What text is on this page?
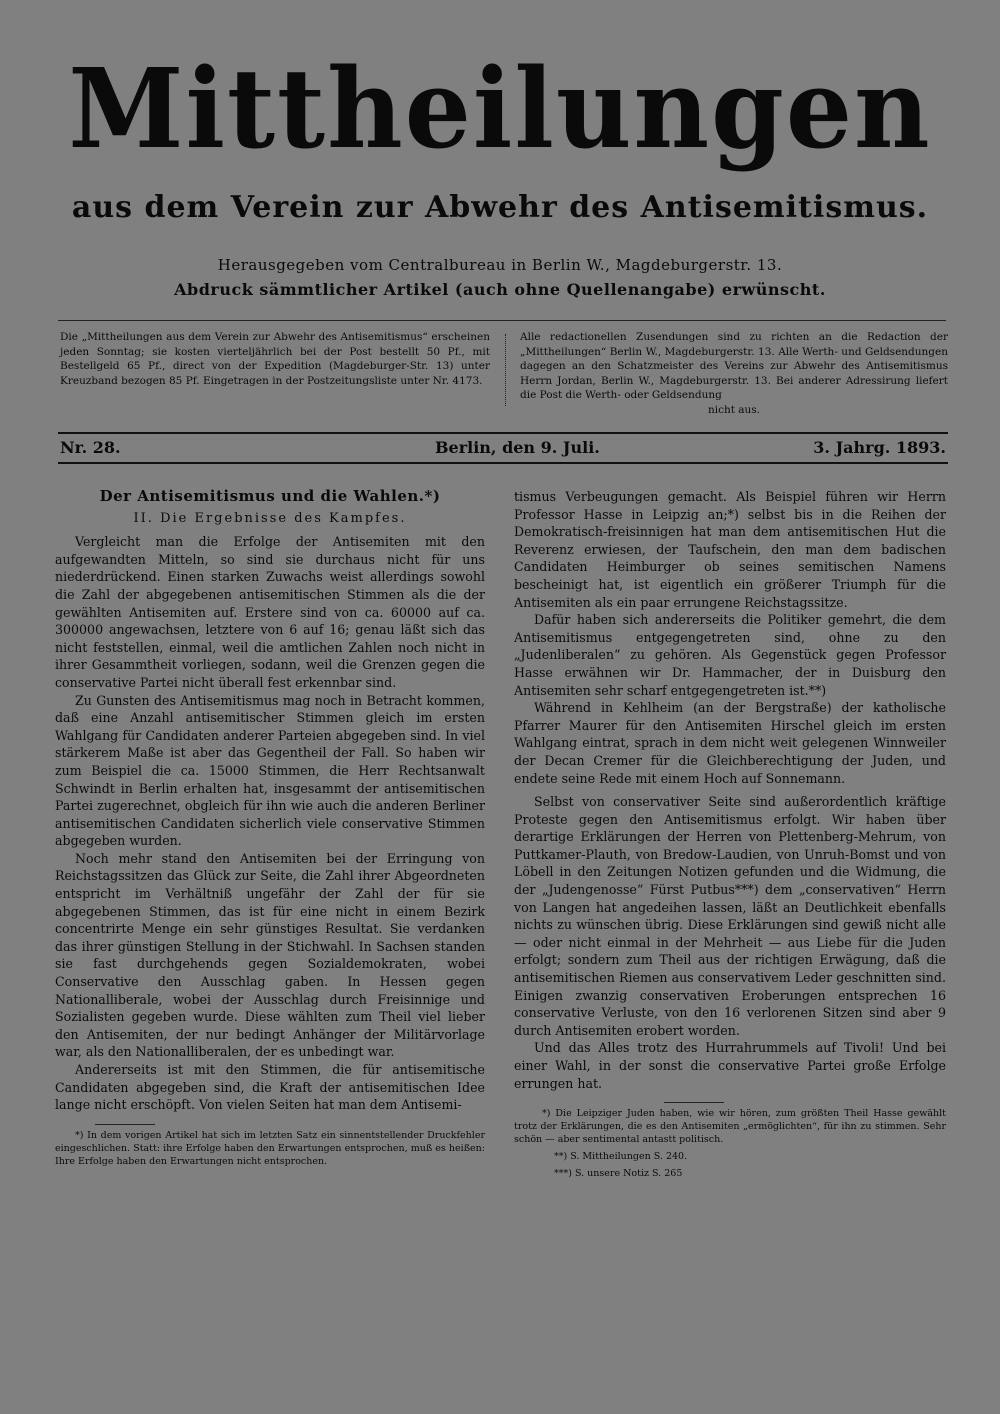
Mittheilungen
aus dem Verein zur Abwehr des Antisemitismus.
Herausgegeben vom Centralbureau in Berlin W., Magdeburgerstr. 13.
Abdruck sämmtlicher Artikel (auch ohne Quellenangabe) erwünscht.
Die „Mittheilungen aus dem Verein zur Abwehr des Antisemitismus“ erscheinen jeden Sonntag; sie kosten vierteljährlich bei der Post bestellt 50 Pf., mit Bestellgeld 65 Pf., direct von der Expedition (Magdeburger-Str. 13) unter Kreuzband bezogen 85 Pf. Eingetragen in der Postzeitungsliste unter Nr. 4173.
Alle redactionellen Zusendungen sind zu richten an die Redaction der „Mittheilungen“ Berlin W., Magdeburgerstr. 13. Alle Werth- und Geldsendungen dagegen an den Schatzmeister des Vereins zur Abwehr des Antisemitismus Herrn Jordan, Berlin W., Magdeburgerstr. 13. Bei anderer Adressirung liefert die Post die Werth- oder Geldsendung
nicht aus.
Nr. 28.	Berlin, den 9. Juli.	3. Jahrg. 1893.
Der Antisemitismus und die Wahlen.*)
II. Die Ergebnisse des Kampfes.

Vergleicht man die Erfolge der Antisemiten mit den aufgewandten Mitteln, so sind sie durchaus nicht für uns niederdrückend. Einen starken Zuwachs weist allerdings sowohl die Zahl der abgegebenen antisemitischen Stimmen als die der gewählten Antisemiten auf. Erstere sind von ca. 60000 auf ca. 300000 angewachsen, letztere von 6 auf 16; genau läßt sich das nicht feststellen, einmal, weil die amtlichen Zahlen noch nicht in ihrer Gesammtheit vorliegen, sodann, weil die Grenzen gegen die conservative Partei nicht überall fest erkennbar sind.

Zu Gunsten des Antisemitismus mag noch in Betracht kommen, daß eine Anzahl antisemitischer Stimmen gleich im ersten Wahlgang für Candidaten anderer Parteien abgegeben sind. In viel stärkerem Maße ist aber das Gegentheil der Fall. So haben wir zum Beispiel die ca. 15000 Stimmen, die Herr Rechtsanwalt Schwindt in Berlin erhalten hat, insgesammt der antisemitischen Partei zugerechnet, obgleich für ihn wie auch die anderen Berliner antisemitischen Candidaten sicherlich viele conservative Stimmen abgegeben wurden.

Noch mehr stand den Antisemiten bei der Erringung von Reichstagssitzen das Glück zur Seite, die Zahl ihrer Abgeordneten entspricht im Verhältniß ungefähr der Zahl der für sie abgegebenen Stimmen, das ist für eine nicht in einem Bezirk concentrirte Menge ein sehr günstiges Resultat. Sie verdanken das ihrer günstigen Stellung in der Stichwahl. In Sachsen standen sie fast durchgehends gegen Sozialdemokraten, wobei Conservative den Ausschlag gaben. In Hessen gegen Nationalliberale, wobei der Ausschlag durch Freisinnige und Sozialisten gegeben wurde. Diese wählten zum Theil viel lieber den Antisemiten, der nur bedingt Anhänger der Militärvorlage war, als den Nationalliberalen, der es unbedingt war.

Andererseits ist mit den Stimmen, die für antisemitische Candidaten abgegeben sind, die Kraft der antisemitischen Idee lange nicht erschöpft. Von vielen Seiten hat man dem Antisemi-

*) In dem vorigen Artikel hat sich im letzten Satz ein sinnentstellender Druckfehler eingeschlichen. Statt: ihre Erfolge haben den Erwartungen entsprochen, muß es heißen: Ihre Erfolge haben den Erwartungen nicht entsprochen.

tismus Verbeugungen gemacht. Als Beispiel führen wir Herrn Professor Hasse in Leipzig an;*) selbst bis in die Reihen der Demokratisch-freisinnigen hat man dem antisemitischen Hut die Reverenz erwiesen, der Taufschein, den man dem badischen Candidaten Heimburger ob seines semitischen Namens bescheinigt hat, ist eigentlich ein größerer Triumph für die Antisemiten als ein paar errungene Reichstagssitze.

Dafür haben sich andererseits die Politiker gemehrt, die dem Antisemitismus entgegengetreten sind, ohne zu den „Judenliberalen“ zu gehören. Als Gegenstück gegen Professor Hasse erwähnen wir Dr. Hammacher, der in Duisburg den Antisemiten sehr scharf entgegengetreten ist.**)

Während in Kehlheim (an der Bergstraße) der katholische Pfarrer Maurer für den Antisemiten Hirschel gleich im ersten Wahlgang eintrat, sprach in dem nicht weit gelegenen Winnweiler der Decan Cremer für die Gleichberechtigung der Juden, und endete seine Rede mit einem Hoch auf Sonnemann.

Selbst von conservativer Seite sind außerordentlich kräftige Proteste gegen den Antisemitismus erfolgt. Wir haben über derartige Erklärungen der Herren von Plettenberg-Mehrum, von Puttkamer-Plauth, von Bredow-Laudien, von Unruh-Bomst und von Löbell in den Zeitungen Notizen gefunden und die Widmung, die der „Judengenosse“ Fürst Putbus***) dem „conservativen“ Herrn von Langen hat angedeihen lassen, läßt an Deutlichkeit ebenfalls nichts zu wünschen übrig. Diese Erklärungen sind gewiß nicht alle — oder nicht einmal in der Mehrheit — aus Liebe für die Juden erfolgt; sondern zum Theil aus der richtigen Erwägung, daß die antisemitischen Riemen aus conservativem Leder geschnitten sind. Einigen zwanzig conservativen Eroberungen entsprechen 16 conservative Verluste, von den 16 verlorenen Sitzen sind aber 9 durch Antisemiten erobert worden.

Und das Alles trotz des Hurrahrummels auf Tivoli! Und bei einer Wahl, in der sonst die conservative Partei große Erfolge errungen hat.

*) Die Leipziger Juden haben, wie wir hören, zum größten Theil Hasse gewählt trotz der Erklärungen, die es den Antisemiten „ermöglichten“, für ihn zu stimmen. Sehr schön — aber sentimental antastt politisch.
**) S. Mittheilungen S. 240.
***) S. unsere Notiz S. 265
